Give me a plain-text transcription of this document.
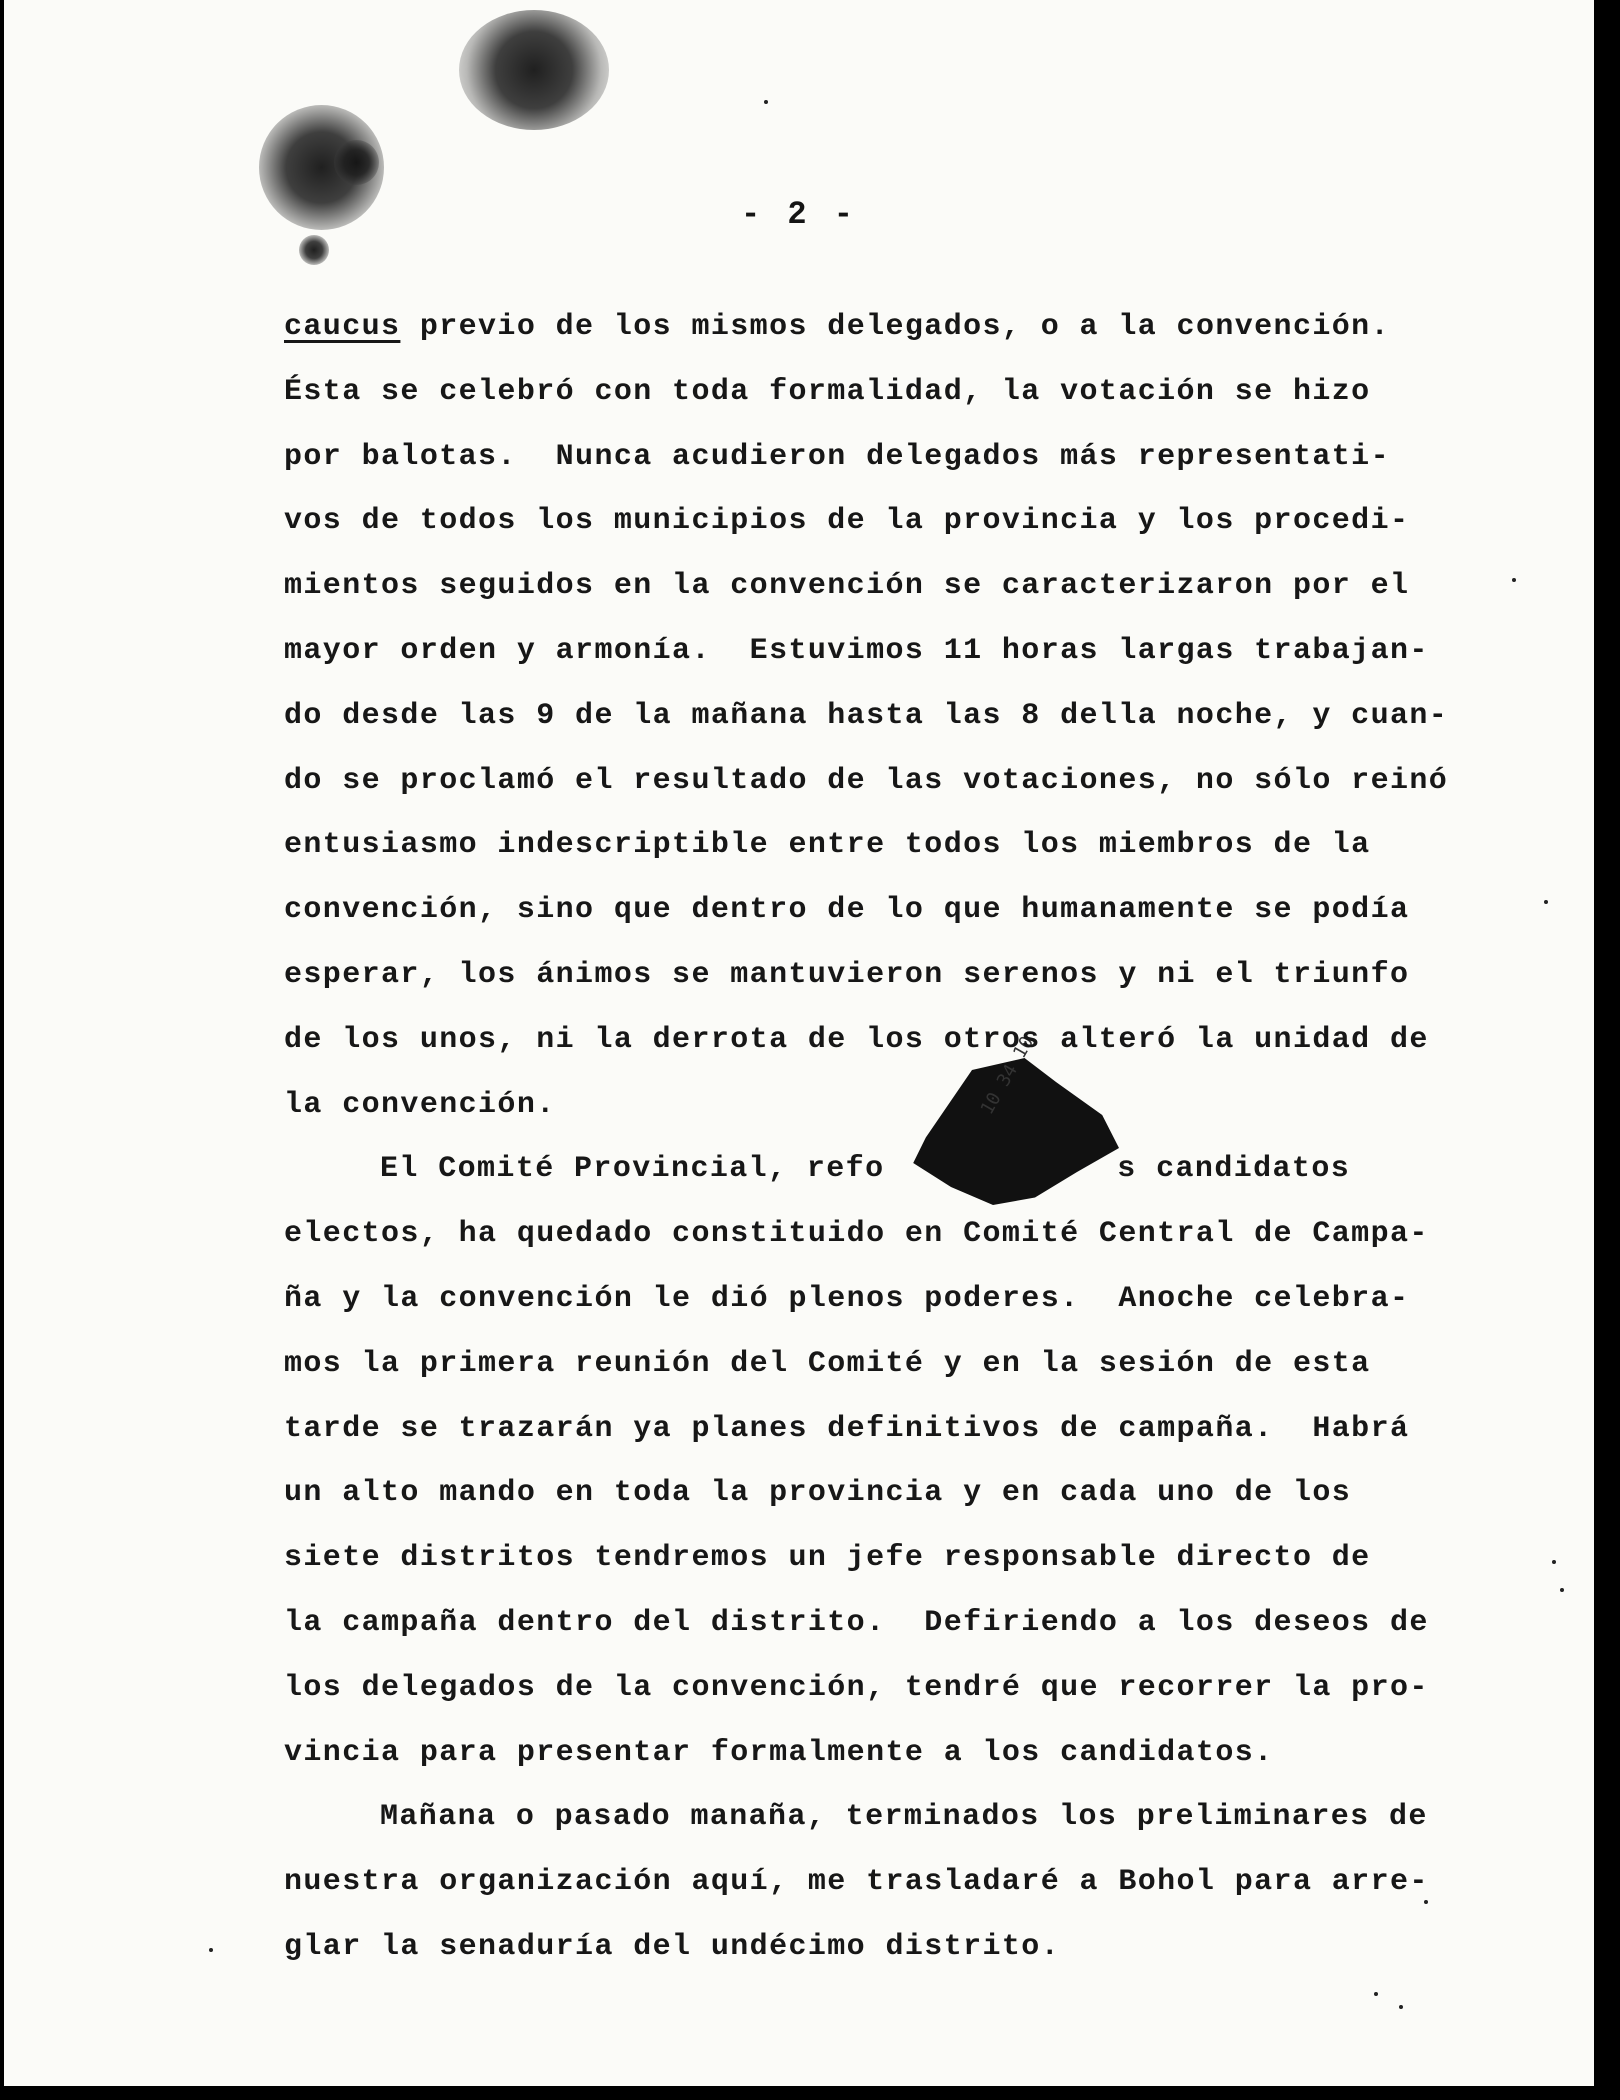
10 34 10
- 2 -
caucus previo de los mismos delegados, o a la convención.
Ésta se celebró con toda formalidad, la votación se hizo
por balotas.  Nunca acudieron delegados más representati-
vos de todos los municipios de la provincia y los procedi-
mientos seguidos en la convención se caracterizaron por el
mayor orden y armonía.  Estuvimos 11 horas largas trabajan-
do desde las 9 de la mañana hasta las 8 della noche, y cuan-
do se proclamó el resultado de las votaciones, no sólo reinó
entusiasmo indescriptible entre todos los miembros de la
convención, sino que dentro de lo que humanamente se podía
esperar, los ánimos se mantuvieron serenos y ni el triunfo
de los unos, ni la derrota de los otros alteró la unidad de
la convención.
El Comité Provincial, refo            s candidatos
electos, ha quedado constituido en Comité Central de Campa-
ña y la convención le dió plenos poderes.  Anoche celebra-
mos la primera reunión del Comité y en la sesión de esta
tarde se trazarán ya planes definitivos de campaña.  Habrá
un alto mando en toda la provincia y en cada uno de los
siete distritos tendremos un jefe responsable directo de
la campaña dentro del distrito.  Defiriendo a los deseos de
los delegados de la convención, tendré que recorrer la pro-
vincia para presentar formalmente a los candidatos.
Mañana o pasado manaña, terminados los preliminares de
nuestra organización aquí, me trasladaré a Bohol para arre-
glar la senaduría del undécimo distrito.
